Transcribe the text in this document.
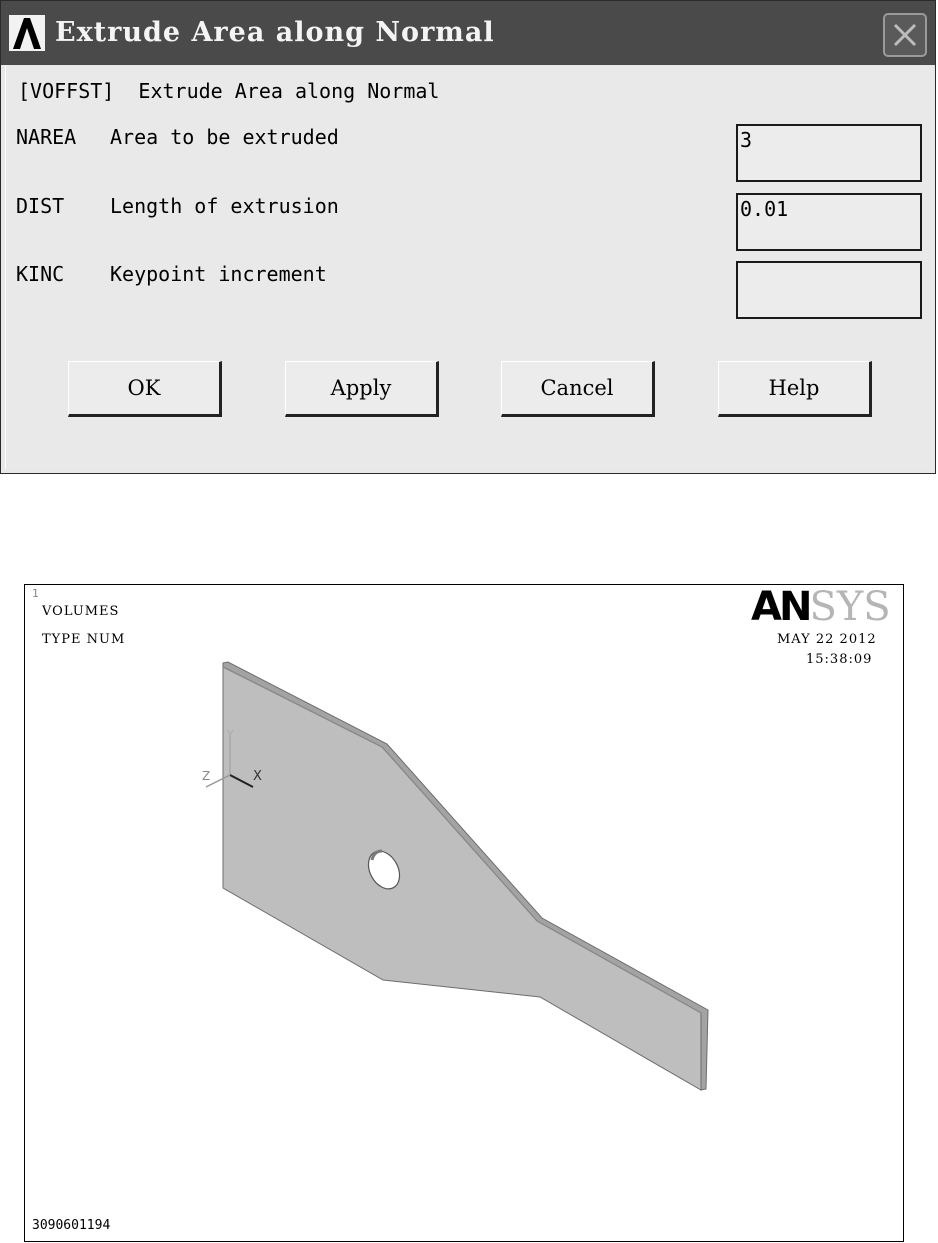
Extrude Area along Normal
[VOFFST]  Extrude Area along Normal
NAREA Area to be extruded	3
DIST Length of extrusion	0.01
KINC Keypoint increment
OK	Apply	Cancel	Help
1
VOLUMES
TYPE NUM	MAY 22 2012
15:38:09
ANSYS
Y
X
Z
3090601194
